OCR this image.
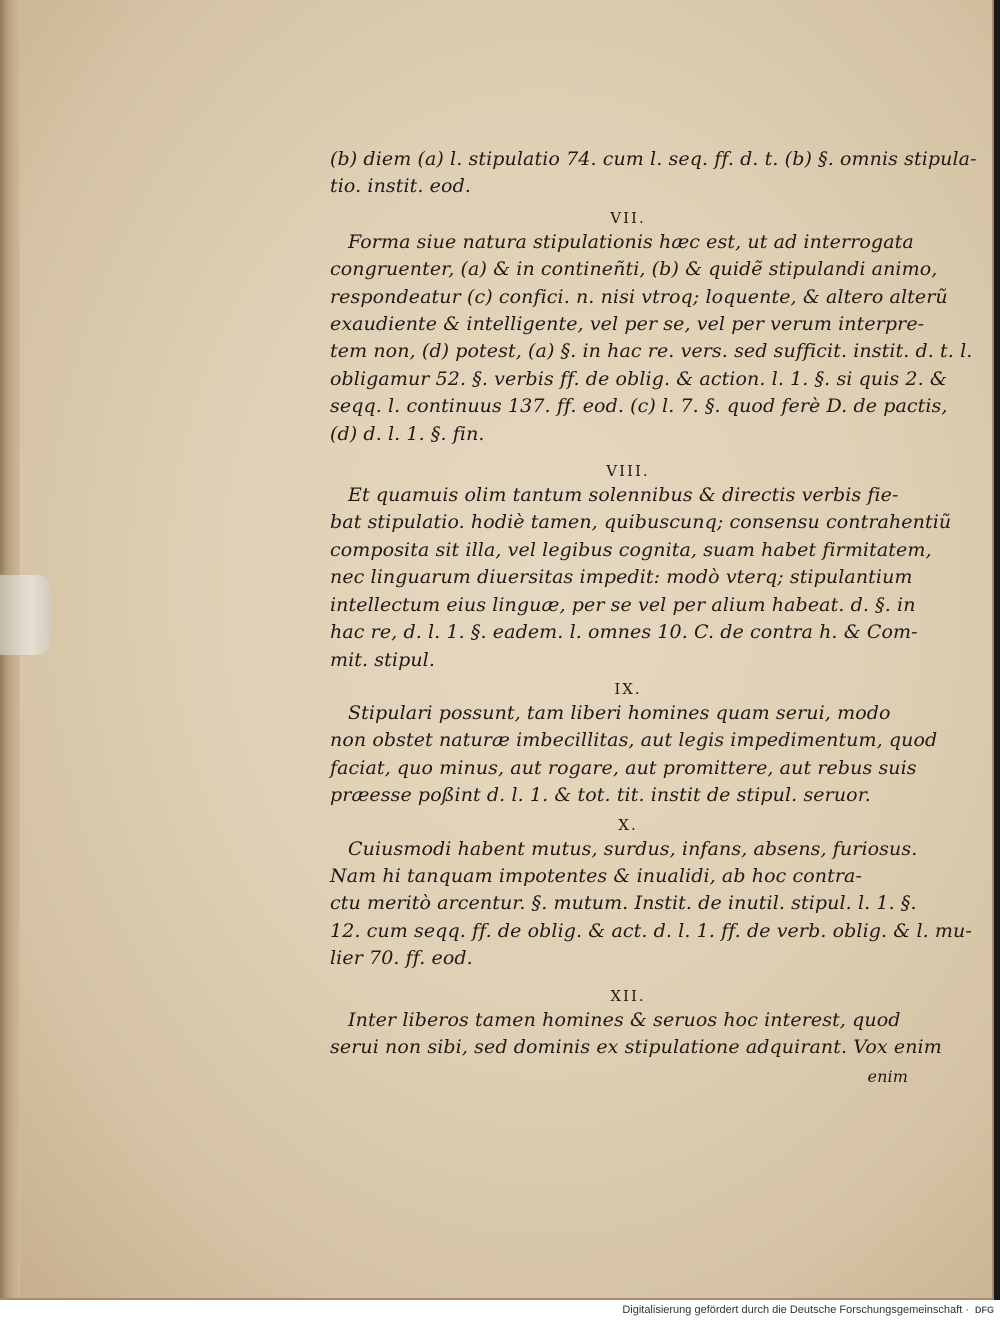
(b) diem (a) l. stipulatio 74. cum l. seq. ff. d. t. (b) §. omnis stipula-
tio. instit. eod.
VII.
Forma siue natura stipulationis hæc est, ut ad interrogata
congruenter, (a) & in contineñti, (b) & quidẽ stipulandi animo,
respondeatur (c) confici. n. nisi vtroq; loquente, & altero alterũ
exaudiente & intelligente, vel per se, vel per verum interpre-
tem non, (d) potest, (a) §. in hac re. vers. sed sufficit. instit. d. t. l.
obligamur 52. §. verbis ff. de oblig. & action. l. 1. §. si quis 2. &
seqq. l. continuus 137. ff. eod. (c) l. 7. §. quod ferè D. de pactis,
(d) d. l. 1. §. fin.
VIII.
Et quamuis olim tantum solennibus & directis verbis fie-
bat stipulatio. hodiè tamen, quibuscunq; consensu contrahentiũ
composita sit illa, vel legibus cognita, suam habet firmitatem,
nec linguarum diuersitas impedit: modò vterq; stipulantium
intellectum eius linguæ, per se vel per alium habeat. d. §. in
hac re, d. l. 1. §. eadem. l. omnes 10. C. de contra h. & Com-
mit. stipul.
IX.
Stipulari possunt, tam liberi homines quam serui, modo
non obstet naturæ imbecillitas, aut legis impedimentum, quod
faciat, quo minus, aut rogare, aut promittere, aut rebus suis
præesse poßint d. l. 1. & tot. tit. instit de stipul. seruor.
X.
Cuiusmodi habent mutus, surdus, infans, absens, furiosus.
Nam hi tanquam impotentes & inualidi, ab hoc contra-
ctu meritò arcentur. §. mutum. Instit. de inutil. stipul. l. 1. §.
12. cum seqq. ff. de oblig. & act. d. l. 1. ff. de verb. oblig. & l. mu-
lier 70. ff. eod.
XII.
Inter liberos tamen homines & seruos hoc interest, quod
serui non sibi, sed dominis ex stipulatione adquirant. Vox enim
enim
Digitalisierung gefördert durch die Deutsche Forschungsgemeinschaft · DFG
